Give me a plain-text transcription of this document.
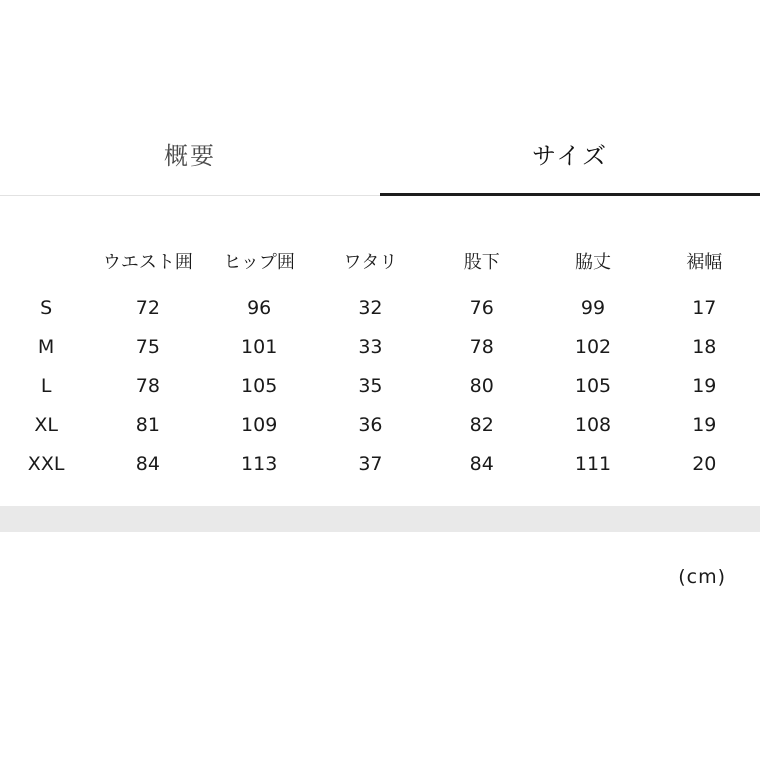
概要	サイズ
	ウエスト囲	ヒップ囲	ワタリ	股下	脇丈	裾幅
S	72	96	32	76	99	17
M	75	101	33	78	102	18
L	78	105	35	80	105	19
XL	81	109	36	82	108	19
XXL	84	113	37	84	111	20
(cm)
